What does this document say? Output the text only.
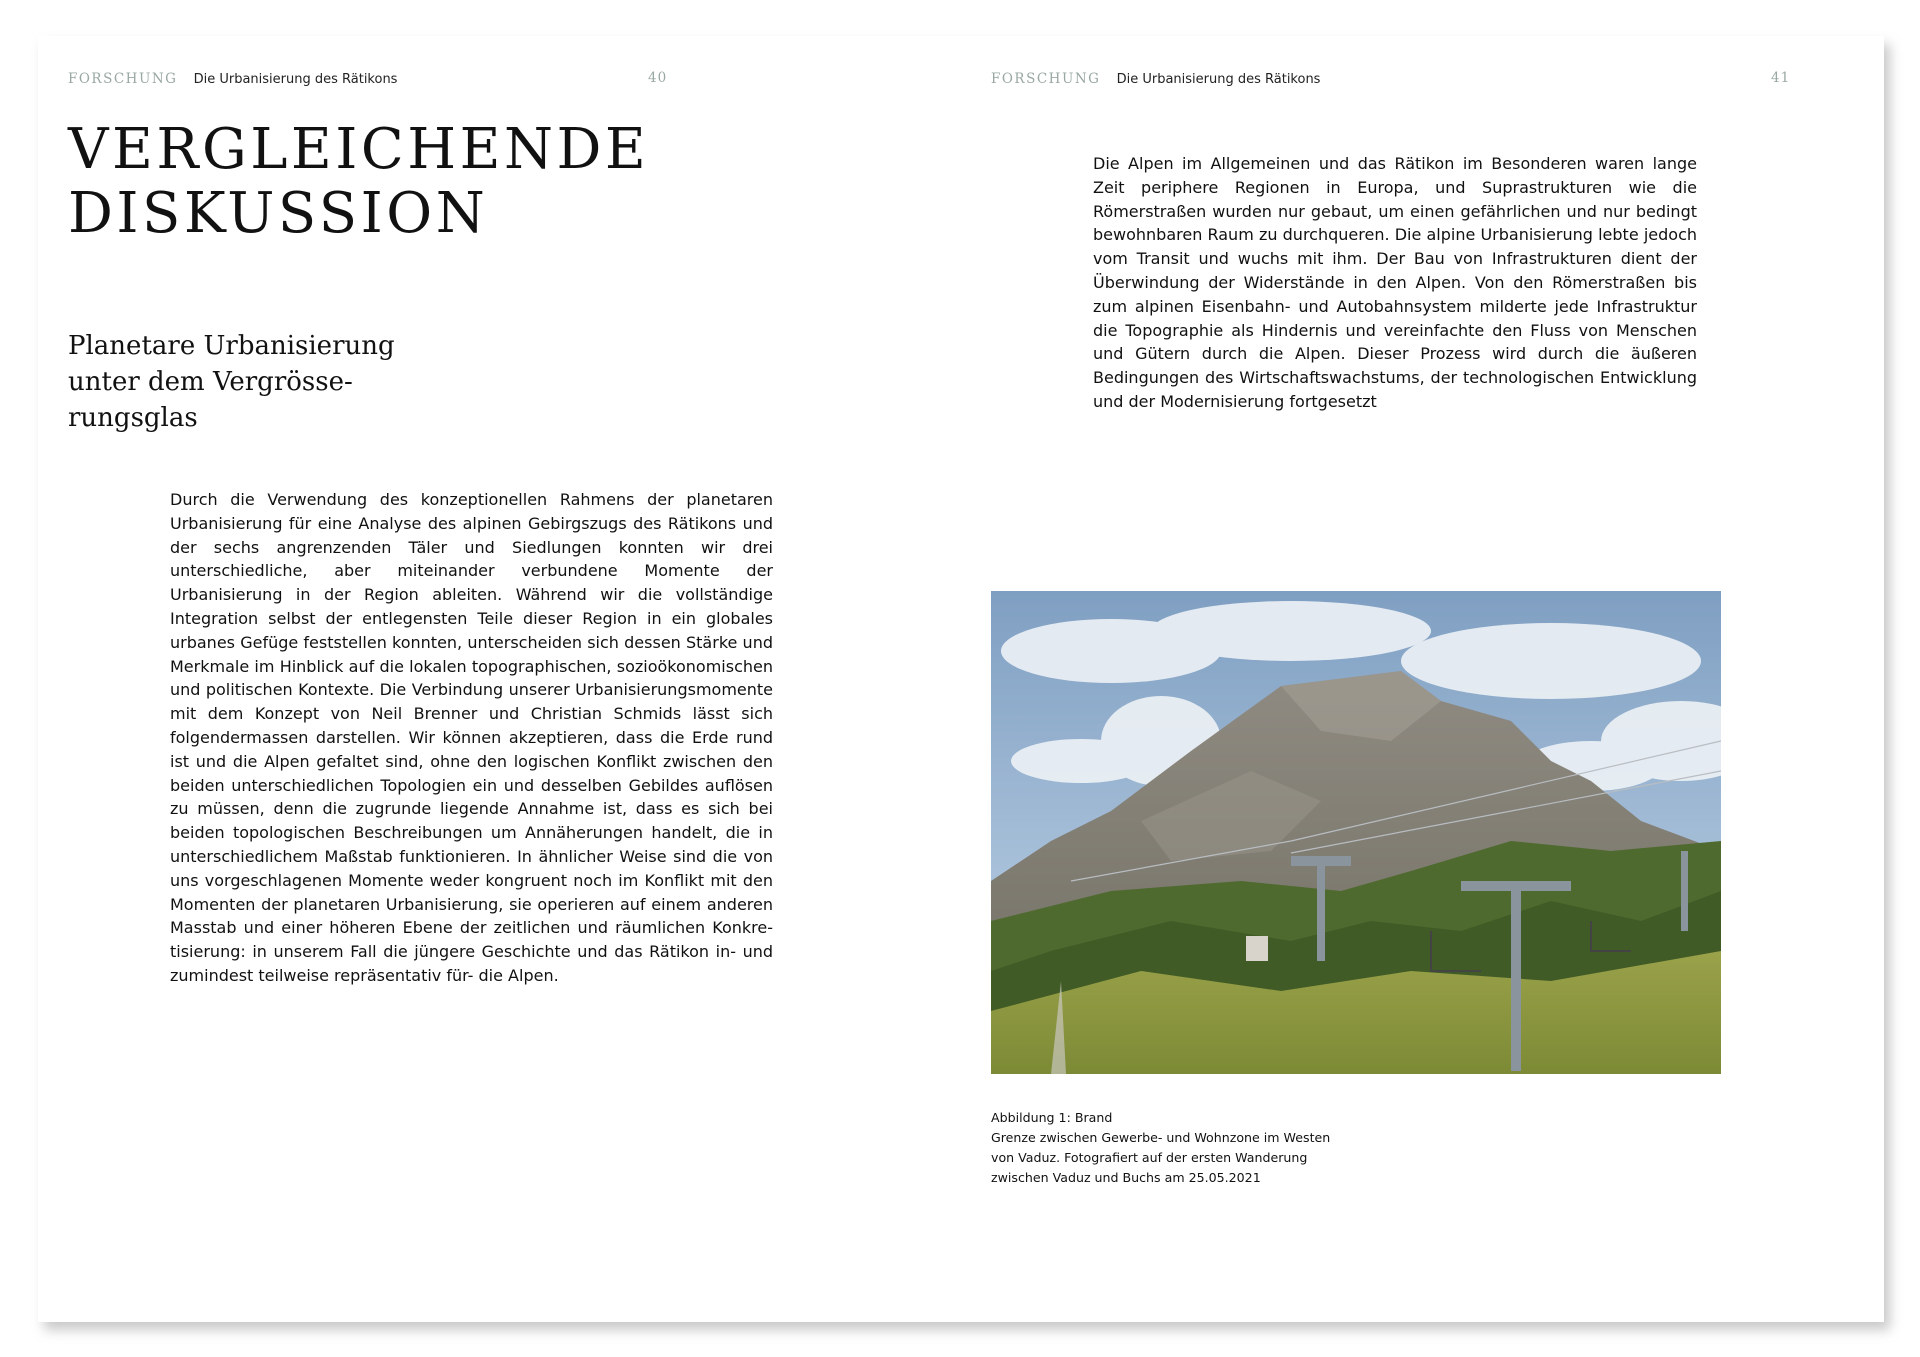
FORSCHUNG Die Urbanisierung des Rätikons	40
VERGLEICHENDE
DISKUSSION
Planetare Urbanisierung
unter dem Vergrösse-
rungsglas

Durch die Verwendung des konzeptionellen Rahmens der planetaren Urbanisierung für eine Analyse des alpinen Gebirgszugs des Rätikons und der sechs angrenzenden Täler und Siedlungen konnten wir drei unterschiedliche, aber miteinander verbundene Momente der Urbanisierung in der Region ableiten. Während wir die vollständige Integration selbst der entlegensten Teile dieser Region in ein globales urbanes Gefüge feststellen konnten, unterscheiden sich dessen Stärke und Merkmale im Hinblick auf die lokalen topographischen, sozioökonomischen und politischen Kontexte. Die Verbindung unserer Urbanisierungsmomente mit dem Konzept von Neil Brenner und Christian Schmids lässt sich folgendermassen darstellen. Wir können akzeptieren, dass die Erde rund ist und die Alpen gefaltet sind, ohne den logischen Konflikt zwischen den beiden unterschiedlichen Topologien ein und desselben Gebildes auflösen zu müssen, denn die zugrunde liegende Annahme ist, dass es sich bei beiden topologischen Beschreibungen um Annäherungen handelt, die in unterschiedlichem Maßstab funktionieren. In ähnlicher Weise sind die von uns vorgeschlagenen Momente weder kongruent noch im Konflikt mit den Momenten der planetaren Urbanisierung, sie operieren auf einem anderen Masstab und einer höheren Ebene der zeitlichen und räumlichen Konkretisierung: in unserem Fall die jüngere Geschichte und das Rätikon in- und zumindest teilweise repräsentativ für- die Alpen.

FORSCHUNG Die Urbanisierung des Rätikons	41

Die Alpen im Allgemeinen und das Rätikon im Besonderen waren lange Zeit periphere Regionen in Europa, und Suprastrukturen wie die Römerstraßen wurden nur gebaut, um einen gefährlichen und nur bedingt bewohnbaren Raum zu durchqueren. Die alpine Urbanisierung lebte jedoch vom Transit und wuchs mit ihm. Der Bau von Infrastrukturen dient der Überwindung der Widerstände in den Alpen. Von den Römerstraßen bis zum alpinen Eisenbahn- und Autobahnsystem milderte jede Infrastruktur die Topographie als Hindernis und vereinfachte den Fluss von Menschen und Gütern durch die Alpen. Dieser Prozess wird durch die äußeren Bedingungen des Wirtschaftswachstums, der technologischen Entwicklung und der Modernisierung fortgesetzt

Abbildung 1: Brand
Grenze zwischen Gewerbe- und Wohnzone im Westen
von Vaduz. Fotografiert auf der ersten Wanderung
zwischen Vaduz und Buchs am 25.05.2021
